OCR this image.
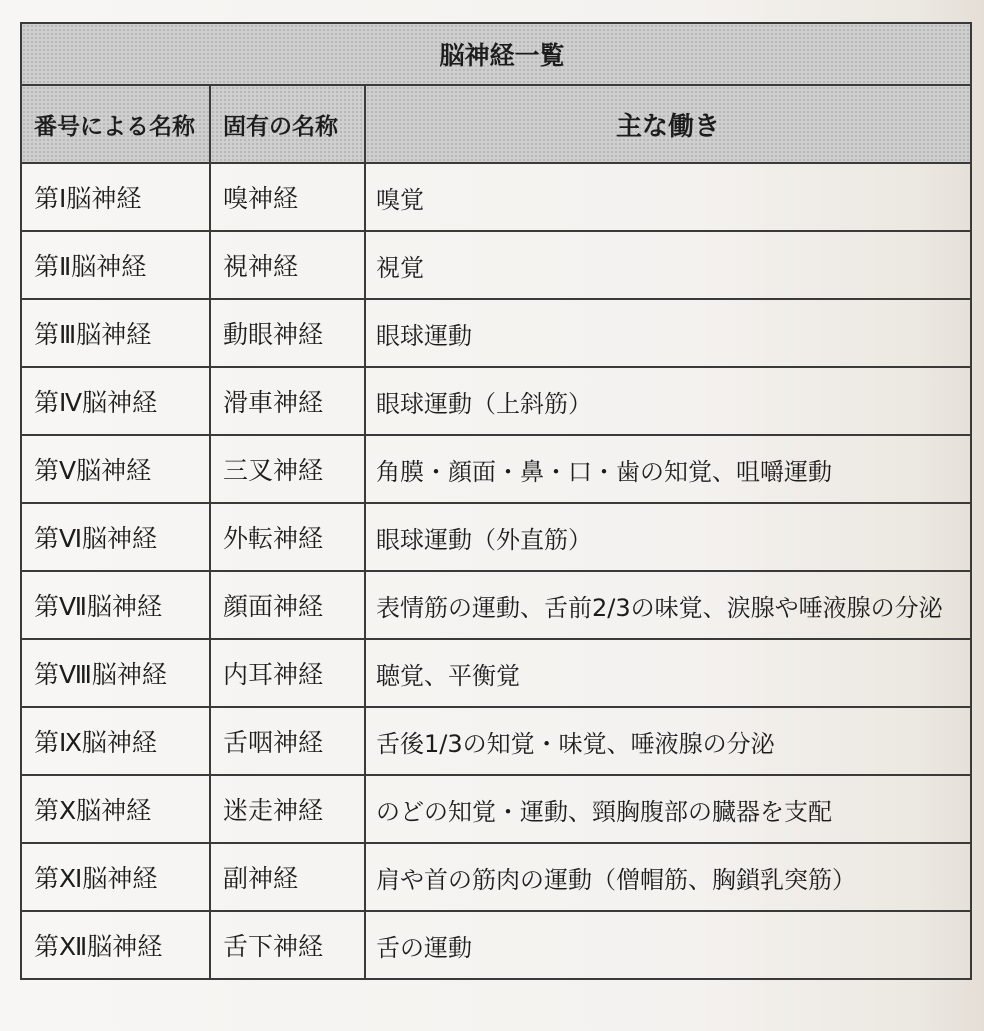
脳神経一覧		
番号による名称	固有の名称	主な働き
第Ⅰ脳神経	嗅神経	嗅覚
第Ⅱ脳神経	視神経	視覚
第Ⅲ脳神経	動眼神経	眼球運動
第Ⅳ脳神経	滑車神経	眼球運動（上斜筋）
第Ⅴ脳神経	三叉神経	角膜・顔面・鼻・口・歯の知覚、咀嚼運動
第Ⅵ脳神経	外転神経	眼球運動（外直筋）
第Ⅶ脳神経	顔面神経	表情筋の運動、舌前2/3の味覚、涙腺や唾液腺の分泌
第Ⅷ脳神経	内耳神経	聴覚、平衡覚
第Ⅸ脳神経	舌咽神経	舌後1/3の知覚・味覚、唾液腺の分泌
第Ⅹ脳神経	迷走神経	のどの知覚・運動、頸胸腹部の臓器を支配
第Ⅺ脳神経	副神経	肩や首の筋肉の運動（僧帽筋、胸鎖乳突筋）
第Ⅻ脳神経	舌下神経	舌の運動
